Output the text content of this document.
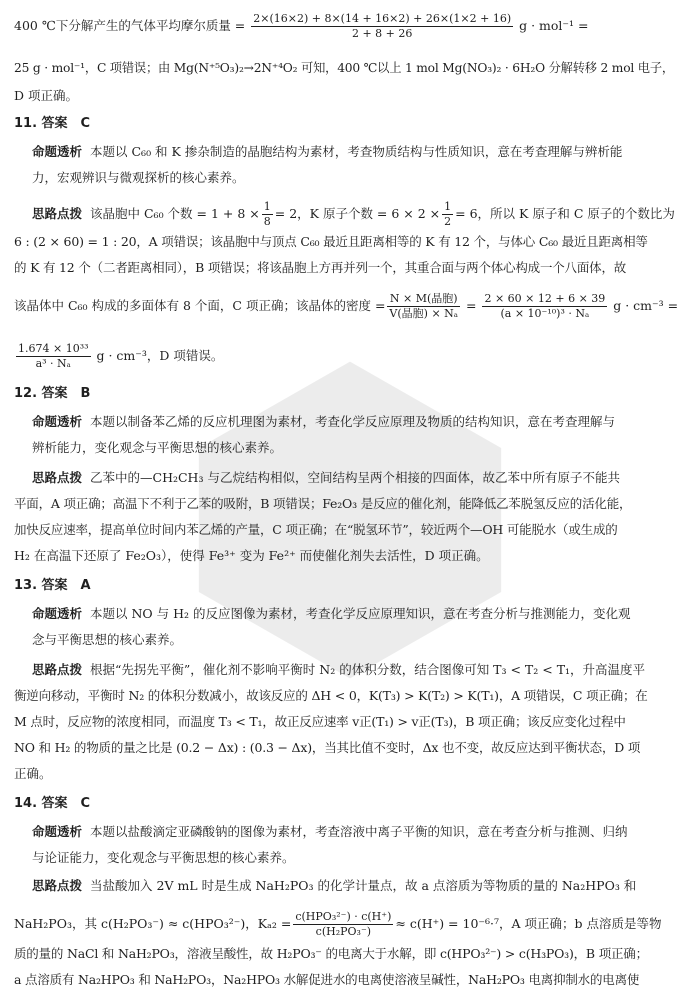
400 ℃下分解产生的气体平均摩尔质量 = $\frac{2\times(16\times 2) + 8\times(14 + 16\times 2) + 26\times(1\times 2 + 16)}{2 + 8 + 26}$ g · mol⁻¹ =
25 g · mol⁻¹，C 项错误；由 Mg(N⁺⁵O₃)₂→2N⁺⁴O₂ 可知，400 ℃以上 1 mol Mg(NO₃)₂ · 6H₂O 分解转移 2 mol 电子，
D 项正确。
11. 答案　C
命题透析 本题以 C₆₀ 和 K 掺杂制造的晶胞结构为素材，考查物质结构与性质知识，意在考查理解与辨析能
力，宏观辨识与微观探析的核心素养。
思路点拨 该晶胞中 C₆₀ 个数 = $1 + 8 \times \frac{1}{8} = 2$，K 原子个数 = $6 \times 2 \times \frac{1}{2} = 6$，所以 K 原子和 C 原子的个数比为
6 : (2 × 60) = 1 : 20，A 项错误；该晶胞中与顶点 C₆₀ 最近且距离相等的 K 有 12 个，与体心 C₆₀ 最近且距离相等
的 K 有 12 个（二者距离相同），B 项错误；将该晶胞上方再并列一个，其重合面与两个体心构成一个八面体，故
该晶体中 C₆₀ 构成的多面体有 8 个面，C 项正确；该晶体的密度 = N × M(晶胞)
V(晶胞) × Nₐ
= $\frac{2 \times 60 \times 12 + 6 \times 39}{\text{(a × 10⁻¹⁰)³ · Nₐ}}$ g · cm⁻³ =
$\frac{\text{1.674 × 10³³}}{\text{a³ · Nₐ}}$ g · cm⁻³，D 项错误。
12. 答案　B
命题透析 本题以制备苯乙烯的反应机理图为素材，考查化学反应原理及物质的结构知识，意在考查理解与
辨析能力，变化观念与平衡思想的核心素养。
思路点拨 乙苯中的—CH₂CH₃ 与乙烷结构相似，空间结构呈两个相接的四面体，故乙苯中所有原子不能共
平面，A 项正确；高温下不利于乙苯的吸附，B 项错误；Fe₂O₃ 是反应的催化剂，能降低乙苯脱氢反应的活化能，
加快反应速率，提高单位时间内苯乙烯的产量，C 项正确；在“脱氢环节”，较近两个—OH 可能脱水（或生成的
H₂ 在高温下还原了 Fe₂O₃），使得 Fe³⁺ 变为 Fe²⁺ 而使催化剂失去活性，D 项正确。
13. 答案　A
命题透析 本题以 NO 与 H₂ 的反应图像为素材，考查化学反应原理知识，意在考查分析与推测能力，变化观
念与平衡思想的核心素养。
思路点拨 根据“先拐先平衡”，催化剂不影响平衡时 N₂ 的体积分数，结合图像可知 T₃ < T₂ < T₁，升高温度平
衡逆向移动，平衡时 N₂ 的体积分数减小，故该反应的 ΔH < 0，K(T₃) > K(T₂) > K(T₁)，A 项错误，C 项正确；在
M 点时，反应物的浓度相同，而温度 T₃ < T₁，故正反应速率 v正(T₁) > v正(T₃)，B 项正确；该反应变化过程中
NO 和 H₂ 的物质的量之比是 (0.2 − Δx) : (0.3 − Δx)，当其比值不变时，Δx 也不变，故反应达到平衡状态，D 项
正确。
14. 答案　C
命题透析 本题以盐酸滴定亚磷酸钠的图像为素材，考查溶液中离子平衡的知识，意在考查分析与推测、归纳
与论证能力，变化观念与平衡思想的核心素养。
思路点拨 当盐酸加入 2V mL 时是生成 NaH₂PO₃ 的化学计量点，故 a 点溶质为等物质的量的 Na₂HPO₃ 和
NaH₂PO₃，其 c(H₂PO₃⁻) ≈ c(HPO₃²⁻)，Kₐ₂ = c(HPO₃²⁻) · c(H⁺)
c(H₂PO₃⁻)
≈ c(H⁺) = 10⁻⁶·⁷，A 项正确；b 点溶质是等物
质的量的 NaCl 和 NaH₂PO₃，溶液呈酸性，故 H₂PO₃⁻ 的电离大于水解，即 c(HPO₃²⁻) > c(H₃PO₃)，B 项正确；
a 点溶质有 Na₂HPO₃ 和 NaH₂PO₃，Na₂HPO₃ 水解促进水的电离使溶液呈碱性，NaH₂PO₃ 电离抑制水的电离使
